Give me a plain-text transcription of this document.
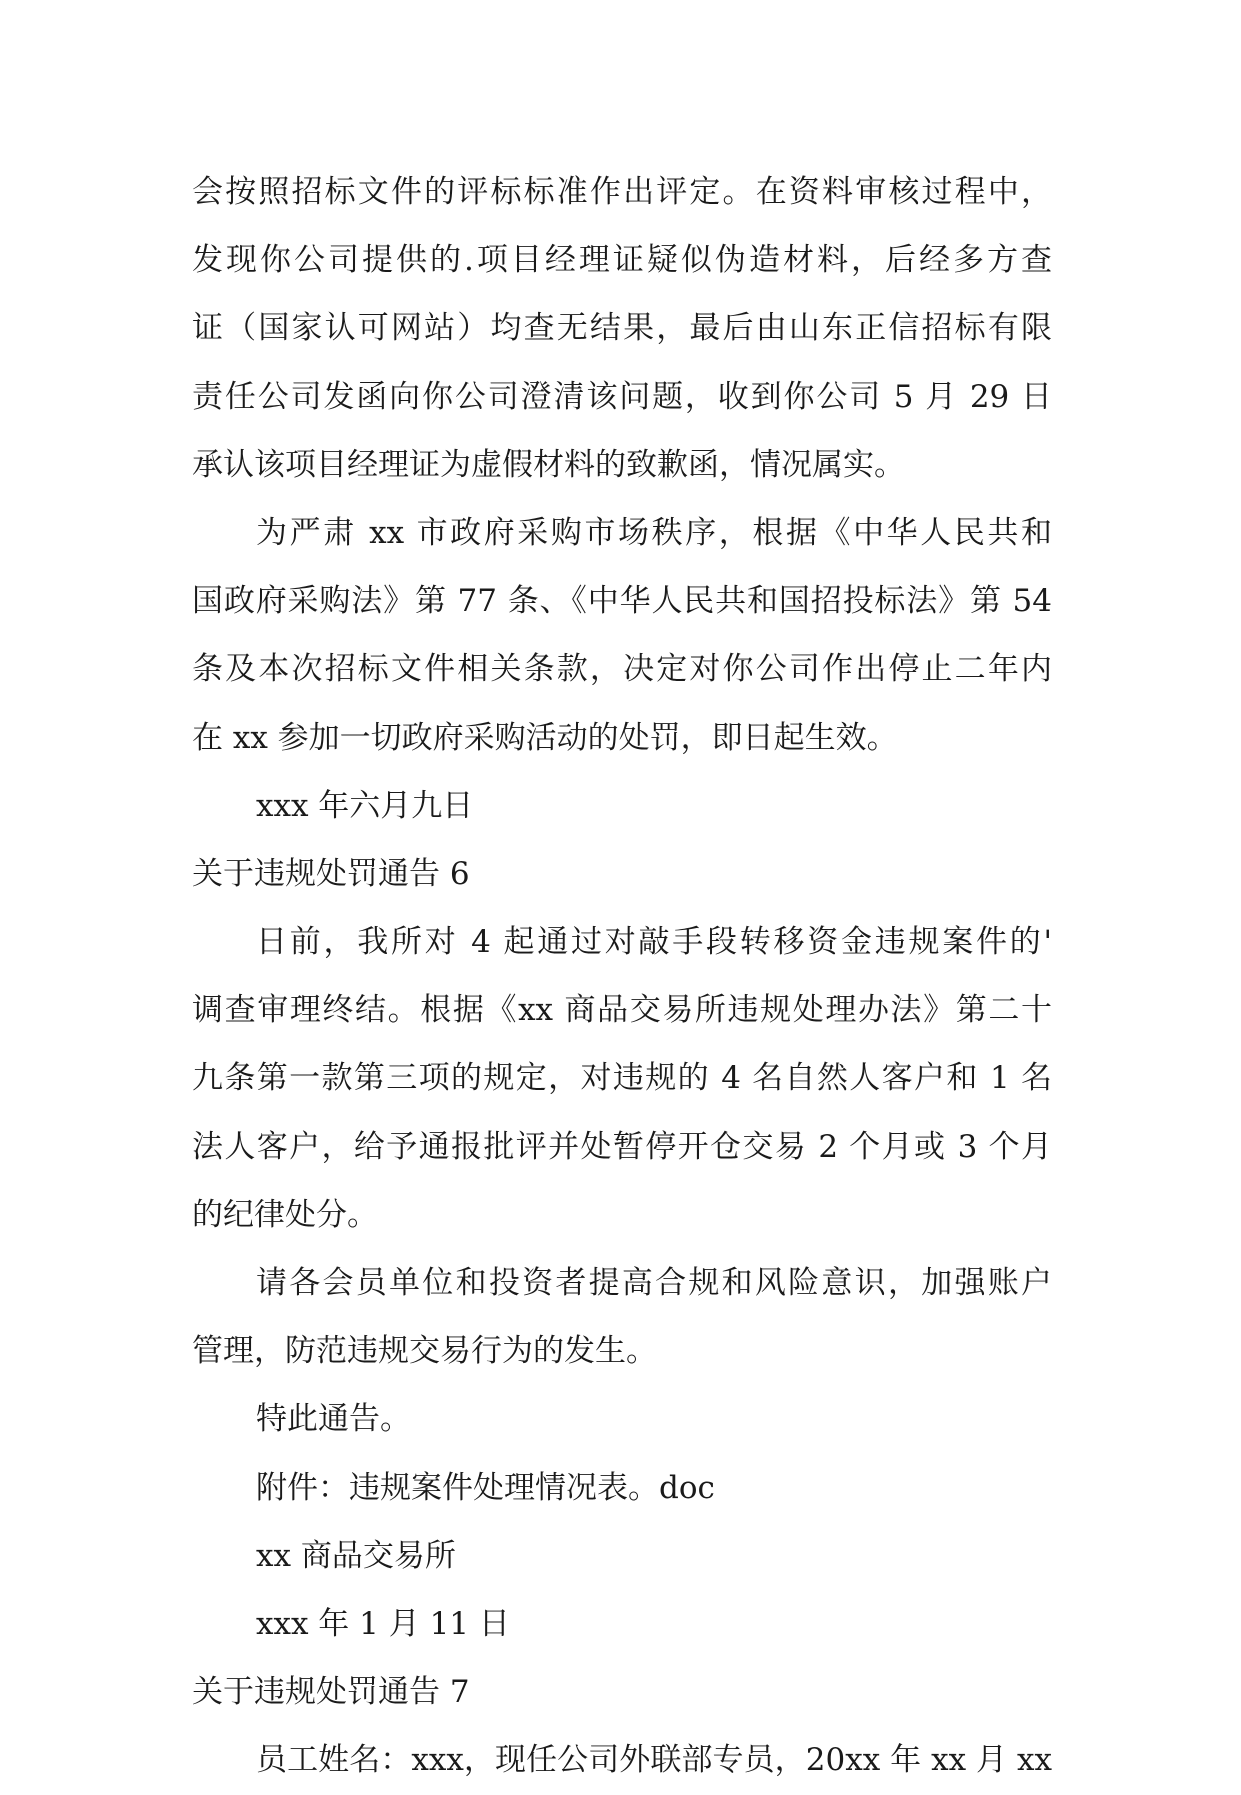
会按照招标文件的评标标准作出评定。在资料审核过程中，
发现你公司提供的.项目经理证疑似伪造材料，后经多方查
证（国家认可网站）均查无结果，最后由山东正信招标有限
责任公司发函向你公司澄清该问题，收到你公司 5 月 29 日
承认该项目经理证为虚假材料的致歉函，情况属实。
为严肃 xx 市政府采购市场秩序，根据《中华人民共和
国政府采购法》第 77 条、《中华人民共和国招投标法》第 54
条及本次招标文件相关条款，决定对你公司作出停止二年内
在 xx 参加一切政府采购活动的处罚，即日起生效。
xxx 年六月九日
关于违规处罚通告 6
日前，我所对 4 起通过对敲手段转移资金违规案件的'
调查审理终结。根据《xx 商品交易所违规处理办法》第二十
九条第一款第三项的规定，对违规的 4 名自然人客户和 1 名
法人客户，给予通报批评并处暂停开仓交易 2 个月或 3 个月
的纪律处分。
请各会员单位和投资者提高合规和风险意识，加强账户
管理，防范违规交易行为的发生。
特此通告。
附件：违规案件处理情况表。doc
xx 商品交易所
xxx 年 1 月 11 日
关于违规处罚通告 7
员工姓名：xxx，现任公司外联部专员，20xx 年 xx 月 xx
